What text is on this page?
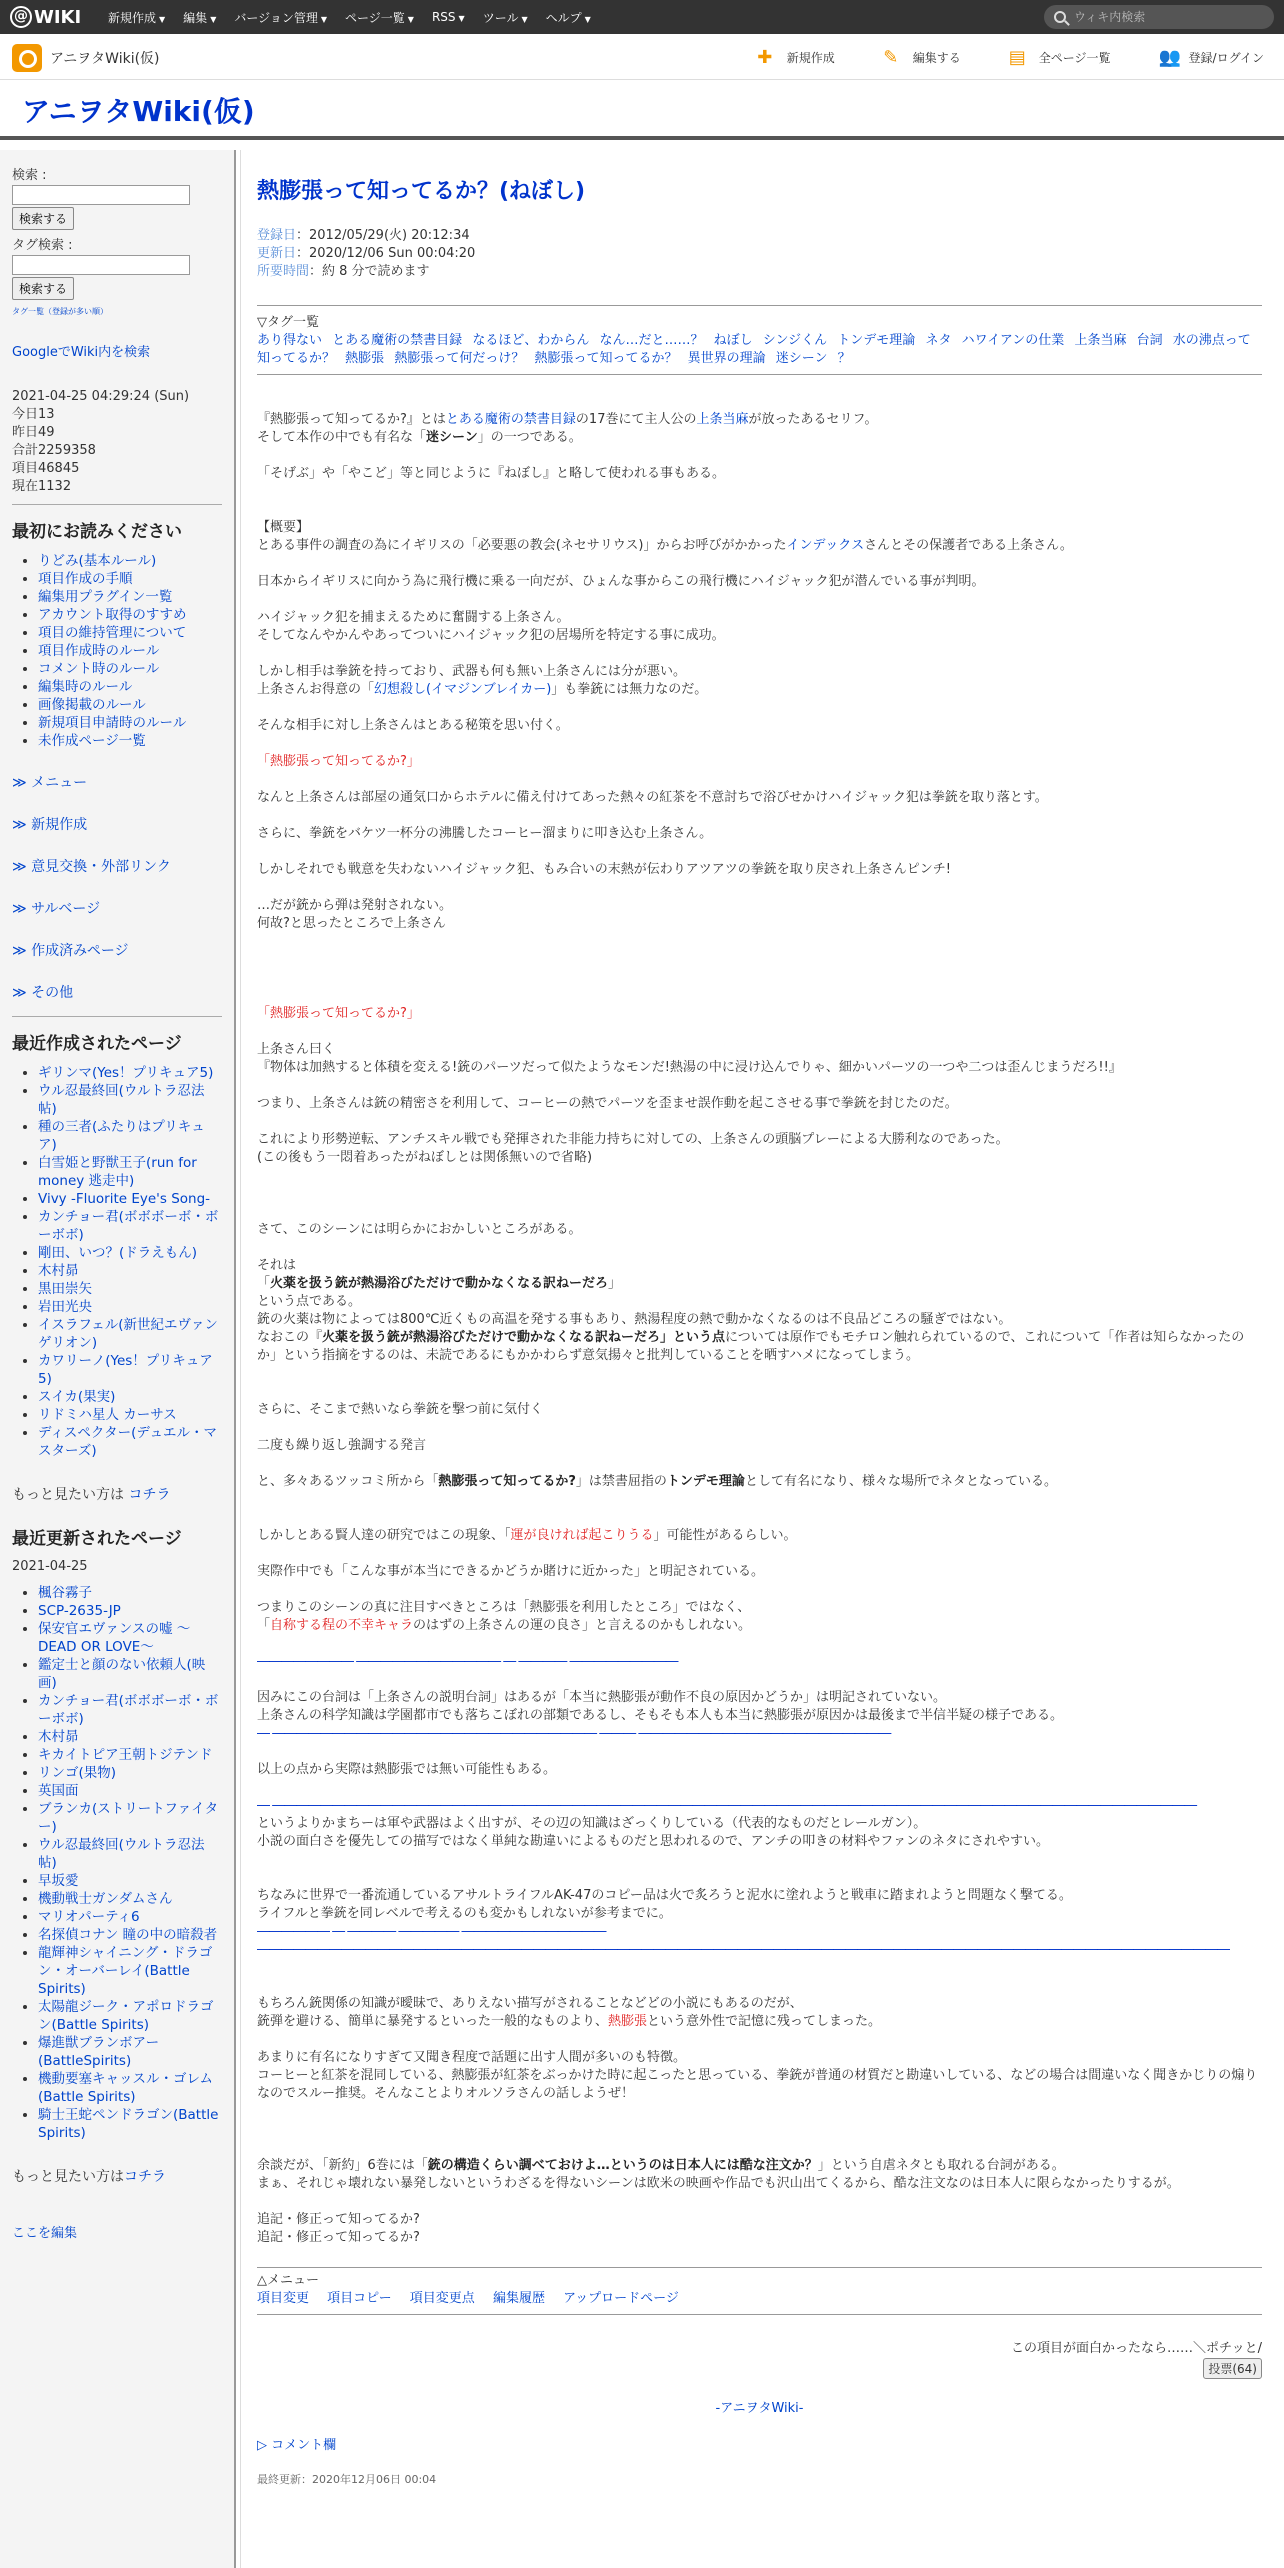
@ WIKI 新規作成 ▼ 編集 ▼ バージョン管理 ▼ ページ一覧 ▼ RSS ▼ ツール ▼ ヘルプ ▼
ウィキ内検索
アニヲタWiki(仮)	✚ 新規作成	✎ 編集する	▤ 全ページ一覧	👥 登録/ログイン
アニヲタWiki(仮)
検索 :
検索する
タグ検索 :
検索する
タグ一覧（登録が多い順）
GoogleでWiki内を検索
2021-04-25 04:29:24 (Sun)
今日13
昨日49
合計2259358
項目46845
現在1132
最初にお読みください
• りどみ(基本ルール)
• 項目作成の手順
• 編集用プラグイン一覧
• アカウント取得のすすめ
• 項目の維持管理について
• 項目作成時のルール
• コメント時のルール
• 編集時のルール
• 画像掲載のルール
• 新規項目申請時のルール
• 未作成ページ一覧
≫ メニュー
≫ 新規作成
≫ 意見交換・外部リンク
≫ サルベージ
≫ 作成済みページ
≫ その他
最近作成されたページ
• ギリンマ(Yes！プリキュア5)
• ウル忍最終回(ウルトラ忍法帖)
• 種の三者(ふたりはプリキュア)
• 白雪姫と野獣王子(run for money 逃走中)
• Vivy -Fluorite Eye's Song-
• カンチョー君(ボボボーボ・ボーボボ)
• 剛田、いつ？(ドラえもん)
• 木村昴
• 黒田崇矢
• 岩田光央
• イスラフェル(新世紀エヴァンゲリオン)
• カワリーノ(Yes！プリキュア5)
• スイカ(果実)
• リドミハ星人 カーサス
• ディスペクター(デュエル・マスターズ)
もっと見たい方は コチラ
最近更新されたページ
2021-04-25
• 楓谷霧子
• SCP-2635-JP
• 保安官エヴァンスの嘘 ～DEAD OR LOVE～
• 鑑定士と顔のない依頼人(映画)
• カンチョー君(ボボボーボ・ボーボボ)
• 木村昴
• キカイトピア王朝トジテンド
• リンゴ(果物)
• 英国面
• ブランカ(ストリートファイター)
• ウル忍最終回(ウルトラ忍法帖)
• 早坂愛
• 機動戦士ガンダムさん
• マリオパーティ6
• 名探偵コナン 瞳の中の暗殺者
• 龍輝神シャイニング・ドラゴン・オーバーレイ(Battle Spirits)
• 太陽龍ジーク・アポロドラゴン(Battle Spirits)
• 爆進獣ブランボアー(BattleSpirits)
• 機動要塞キャッスル・ゴレム(Battle Spirits)
• 騎士王蛇ペンドラゴン(Battle Spirits)
もっと見たい方はコチラ
ここを編集
熱膨張って知ってるか？(ねぼし)
登録日：2012/05/29(火) 20:12:34
更新日：2020/12/06 Sun 00:04:20
所要時間：約 8 分で読めます
▽タグ一覧
あり得ない とある魔術の禁書目録 なるほど、わからん なん…だと……？ ねぼし シンジくん トンデモ理論 ネタ ハワイアンの仕業 上条当麻 台詞 水の沸点って知ってるか？ 熱膨張 熱膨張って何だっけ？ 熱膨張って知ってるか？ 異世界の理論 迷シーン ？

『熱膨張って知ってるか?』とはとある魔術の禁書目録の17巻にて主人公の上条当麻が放ったあるセリフ。

そして本作の中でも有名な「迷シーン」の一つである。

「そげぶ」や「やこど」等と同じように『ねぼし』と略して使われる事もある。

【概要】

とある事件の調査の為にイギリスの「必要悪の教会(ネセサリウス)」からお呼びがかかったインデックスさんとその保護者である上条さん。

日本からイギリスに向かう為に飛行機に乗る一向だが、ひょんな事からこの飛行機にハイジャック犯が潜んでいる事が判明。

ハイジャック犯を捕まえるために奮闘する上条さん。

そしてなんやかんやあってついにハイジャック犯の居場所を特定する事に成功。

しかし相手は拳銃を持っており、武器も何も無い上条さんには分が悪い。

上条さんお得意の「幻想殺し(イマジンブレイカー)」も拳銃には無力なのだ。

そんな相手に対し上条さんはとある秘策を思い付く。

「熱膨張って知ってるか?」

なんと上条さんは部屋の通気口からホテルに備え付けてあった熱々の紅茶を不意討ちで浴びせかけハイジャック犯は拳銃を取り落とす。

さらに、拳銃をバケツ一杯分の沸騰したコーヒー溜まりに叩き込む上条さん。

しかしそれでも戦意を失わないハイジャック犯、もみ合いの末熱が伝わりアツアツの拳銃を取り戻され上条さんピンチ!

…だが銃から弾は発射されない。

何故?と思ったところで上条さん

「熱膨張って知ってるか?」

上条さん曰く

『物体は加熱すると体積を変える!銃のパーツだって似たようなモンだ!熱湯の中に浸け込んでりゃ、細かいパーツの一つや二つは歪んじまうだろ!!』

つまり、上条さんは銃の精密さを利用して、コーヒーの熱でパーツを歪ませ誤作動を起こさせる事で拳銃を封じたのだ。

これにより形勢逆転、アンチスキル戦でも発揮された非能力持ちに対しての、上条さんの頭脳プレーによる大勝利なのであった。

(この後もう一悶着あったがねぼしとは関係無いので省略)

さて、このシーンには明らかにおかしいところがある。

それは

「火薬を扱う銃が熱湯浴びただけで動かなくなる訳ねーだろ」

という点である。

銃の火薬は物によっては800℃近くもの高温を発する事もあり、熱湯程度の熱で動かなくなるのは不良品どころの騒ぎではない。

なおこの『火薬を扱う銃が熱湯浴びただけで動かなくなる訳ねーだろ」という点については原作でもモチロン触れられているので、これについて「作者は知らなかったのか」という指摘をするのは、未読であるにもかかわらず意気揚々と批判していることを晒すハメになってしまう。

さらに、そこまで熱いなら拳銃を撃つ前に気付く

二度も繰り返し強調する発言

と、多々あるツッコミ所から「熱膨張って知ってるか?」は禁書屈指のトンデモ理論として有名になり、様々な場所でネタとなっている。

しかしとある賢人達の研究ではこの現象、「運が良ければ起こりうる」可能性があるらしい。

実際作中でも「こんな事が本当にできるかどうか賭けに近かった」と明記されている。

つまりこのシーンの真に注目すべきところは「熱膨張を利用したところ」ではなく、

「自称する程の不幸キャラのはずの上条さんの運の良さ」と言えるのかもしれない。

―――――――― ―――――――――――― ― ―――― ―――――――――

因みにこの台詞は「上条さんの説明台詞」はあるが「本当に熱膨張が動作不良の原因かどうか」は明記されていない。

上条さんの科学知識は学園都市でも落ちこぼれの部類であるし、そもそも本人も本当に熱膨張が原因かは最後まで半信半疑の様子である。

― ――――――――――――――――――――――――――― ――― ―――――――――――――――――――――

以上の点から実際は熱膨張では無い可能性もある。

― ―――――――――――――――――――――――――――――――――――――――――――――――――――――――――――――――――――――――――――――

というよりかまちーは軍や武器はよく出すが、その辺の知識はざっくりしている（代表的なものだとレールガン）。

小説の面白さを優先しての描写ではなく単純な勘違いによるものだと思われるので、アンチの叩きの材料やファンのネタにされやすい。

ちなみに世界で一番流通しているアサルトライフルAK-47のコピー品は火で炙ろうと泥水に塗れようと戦車に踏まれようと問題なく撃てる。

ライフルと拳銃を同レベルで考えるのも変かもしれないが参考までに。

―――――― ― ―――― ――――― ―――――――――――― ―――――――――――――――――――――――――――――――――――――――――――――――――――――――――――――――――――――――――――――――――

もちろん銃関係の知識が曖昧で、ありえない描写がされることなどどの小説にもあるのだが、

銃弾を避ける、簡単に暴発するといった一般的なものより、熱膨張という意外性で記憶に残ってしまった。

あまりに有名になりすぎて又聞き程度で話題に出す人間が多いのも特徴。

コーヒーと紅茶を混同している、熱膨張が紅茶をぶっかけた時に起こったと思っている、拳銃が普通の材質だと勘違いしている、などの場合は間違いなく聞きかじりの煽りなのでスルー推奨。そんなことよりオルソラさんの話しようぜ！

余談だが、「新約」6巻には「銃の構造くらい調べておけよ…というのは日本人には酷な注文か？」という自虐ネタとも取れる台詞がある。

まぁ、それじゃ壊れない暴発しないというわざるを得ないシーンは欧米の映画や作品でも沢山出てくるから、酷な注文なのは日本人に限らなかったりするが。

追記・修正って知ってるか?

追記・修正って知ってるか?

△メニュー
項目変更 項目コピー 項目変更点 編集履歴 アップロードページ
この項目が面白かったなら……＼ポチッと/
投票(64)
-アニヲタWiki-
▷ コメント欄
最終更新：2020年12月06日 00:04
